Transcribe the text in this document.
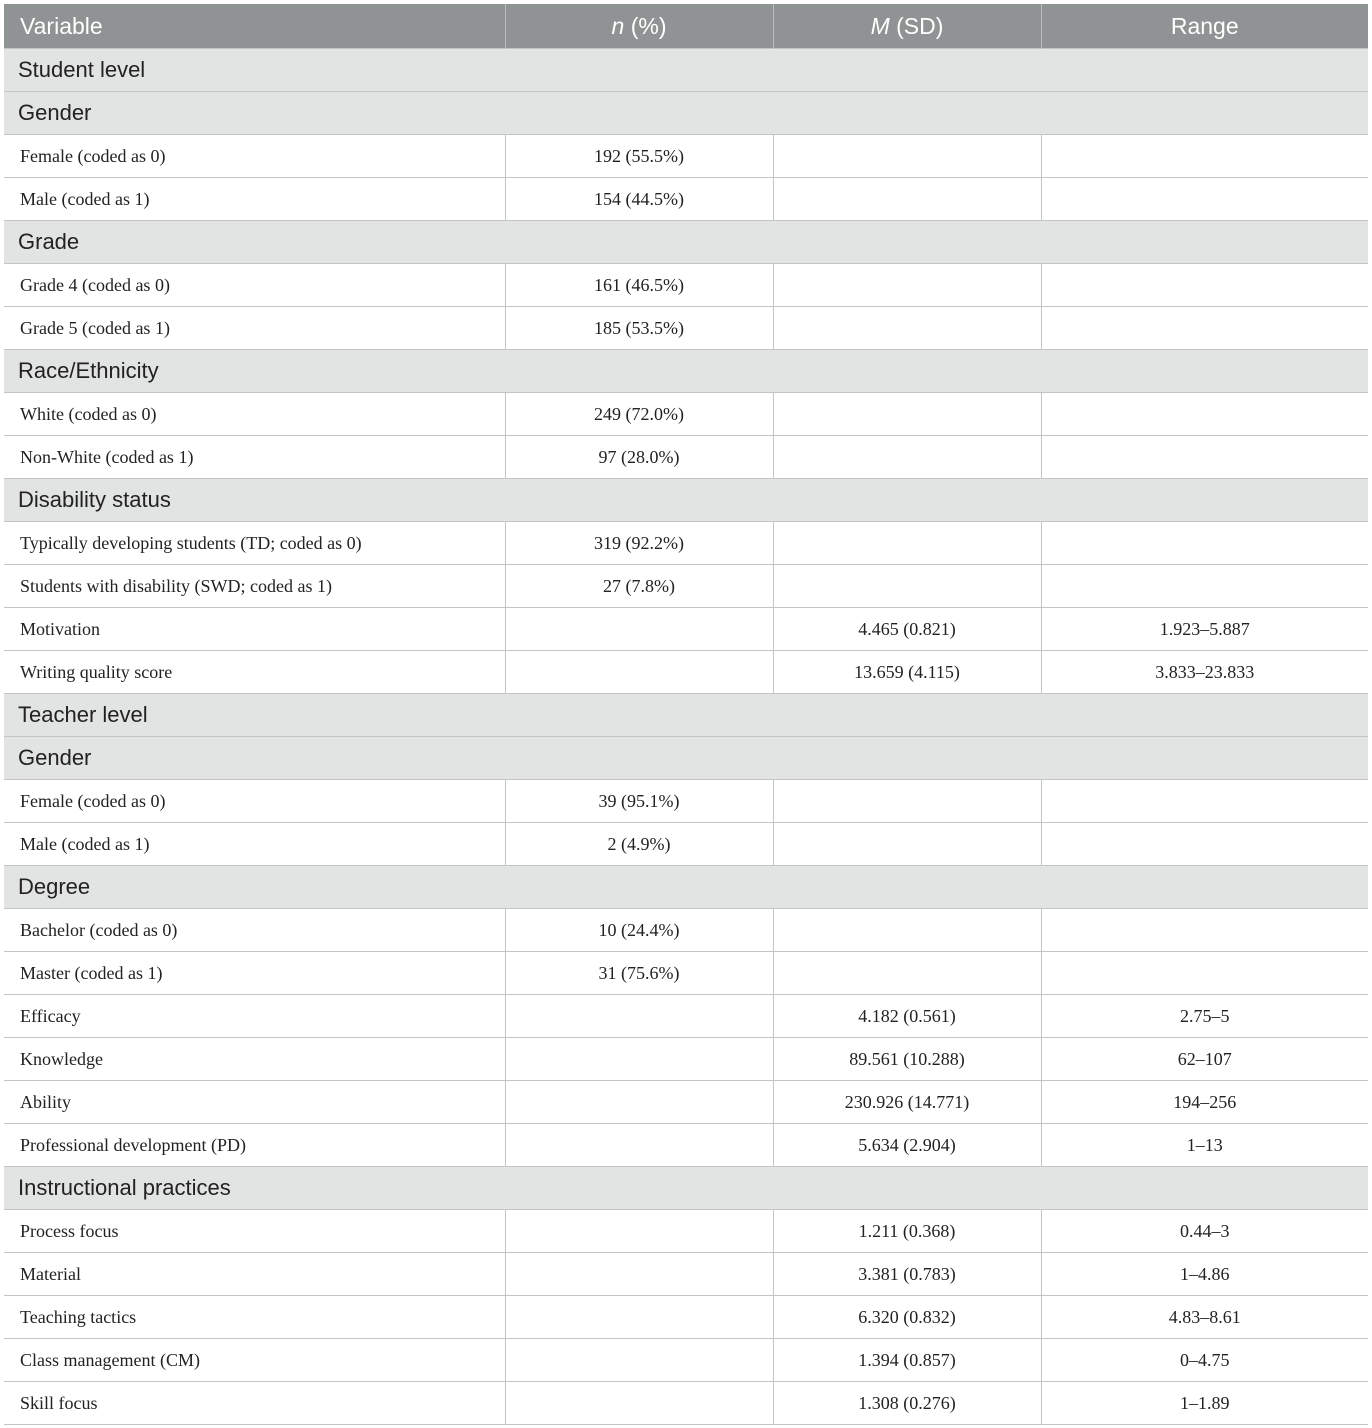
Variable	n (%)	M (SD)	Range
Student level			
Gender			
Female (coded as 0)	192 (55.5%)		
Male (coded as 1)	154 (44.5%)		
Grade			
Grade 4 (coded as 0)	161 (46.5%)		
Grade 5 (coded as 1)	185 (53.5%)		
Race/Ethnicity			
White (coded as 0)	249 (72.0%)		
Non-White (coded as 1)	97 (28.0%)		
Disability status			
Typically developing students (TD; coded as 0)	319 (92.2%)		
Students with disability (SWD; coded as 1)	27 (7.8%)		
Motivation		4.465 (0.821)	1.923–5.887
Writing quality score		13.659 (4.115)	3.833–23.833
Teacher level			
Gender			
Female (coded as 0)	39 (95.1%)		
Male (coded as 1)	2 (4.9%)		
Degree			
Bachelor (coded as 0)	10 (24.4%)		
Master (coded as 1)	31 (75.6%)		
Efficacy		4.182 (0.561)	2.75–5
Knowledge		89.561 (10.288)	62–107
Ability		230.926 (14.771)	194–256
Professional development (PD)		5.634 (2.904)	1–13
Instructional practices			
Process focus		1.211 (0.368)	0.44–3
Material		3.381 (0.783)	1–4.86
Teaching tactics		6.320 (0.832)	4.83–8.61
Class management (CM)		1.394 (0.857)	0–4.75
Skill focus		1.308 (0.276)	1–1.89
